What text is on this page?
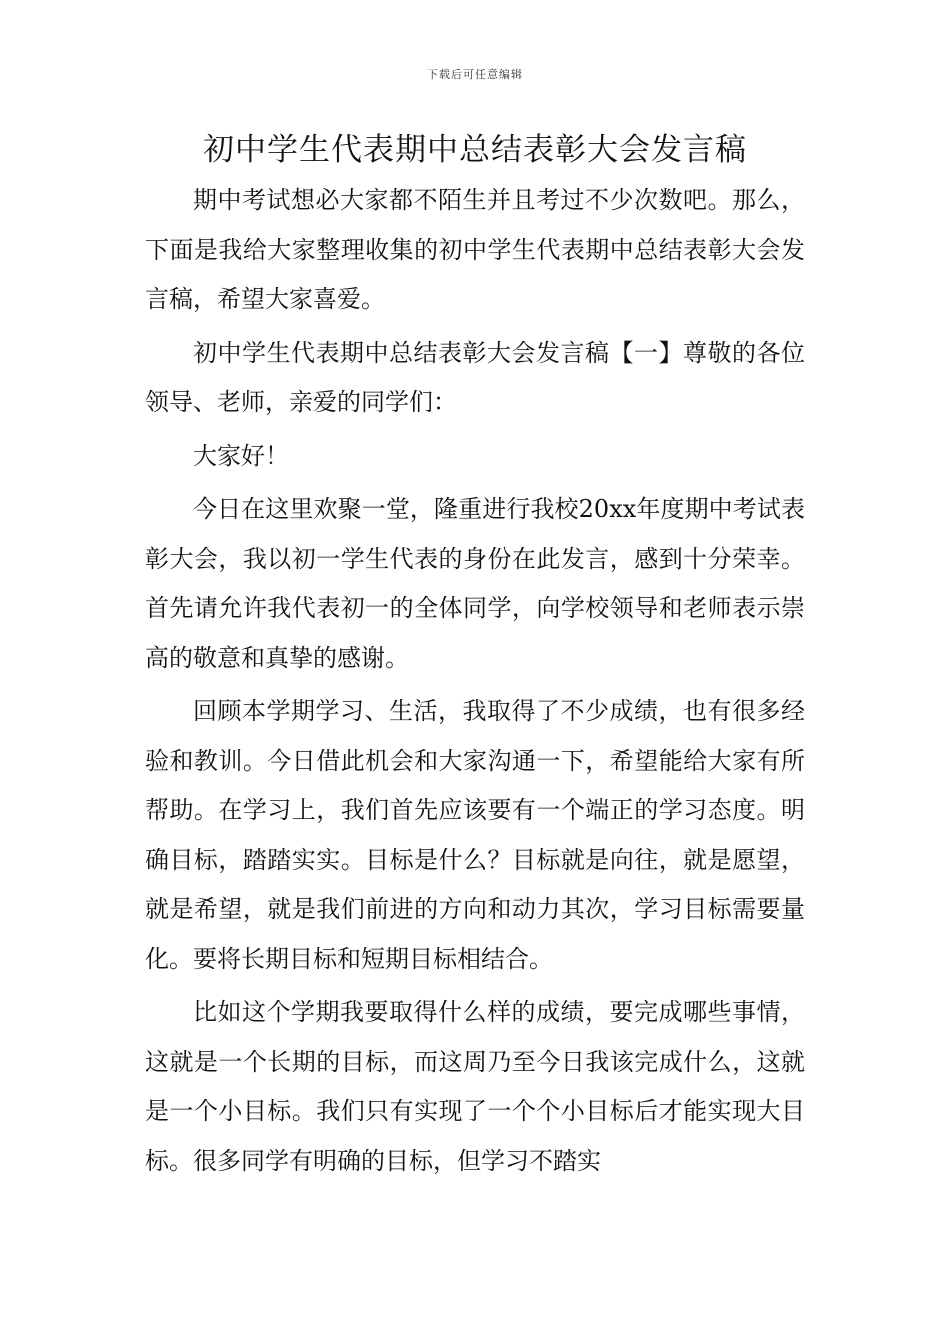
下载后可任意编辑
初中学生代表期中总结表彰大会发言稿

期中考试想必大家都不陌生并且考过不少次数吧。那么，下面是我给大家整理收集的初中学生代表期中总结表彰大会发言稿，希望大家喜爱。

初中学生代表期中总结表彰大会发言稿【一】尊敬的各位领导、老师，亲爱的同学们：

大家好！

今日在这里欢聚一堂，隆重进行我校20xx年度期中考试表彰大会，我以初一学生代表的身份在此发言，感到十分荣幸。首先请允许我代表初一的全体同学，向学校领导和老师表示崇高的敬意和真挚的感谢。

回顾本学期学习、生活，我取得了不少成绩，也有很多经验和教训。今日借此机会和大家沟通一下，希望能给大家有所帮助。在学习上，我们首先应该要有一个端正的学习态度。明确目标，踏踏实实。目标是什么？目标就是向往，就是愿望，就是希望，就是我们前进的方向和动力其次，学习目标需要量化。要将长期目标和短期目标相结合。

比如这个学期我要取得什么样的成绩，要完成哪些事情，这就是一个长期的目标，而这周乃至今日我该完成什么，这就是一个小目标。我们只有实现了一个个小目标后才能实现大目标。很多同学有明确的目标，但学习不踏实
